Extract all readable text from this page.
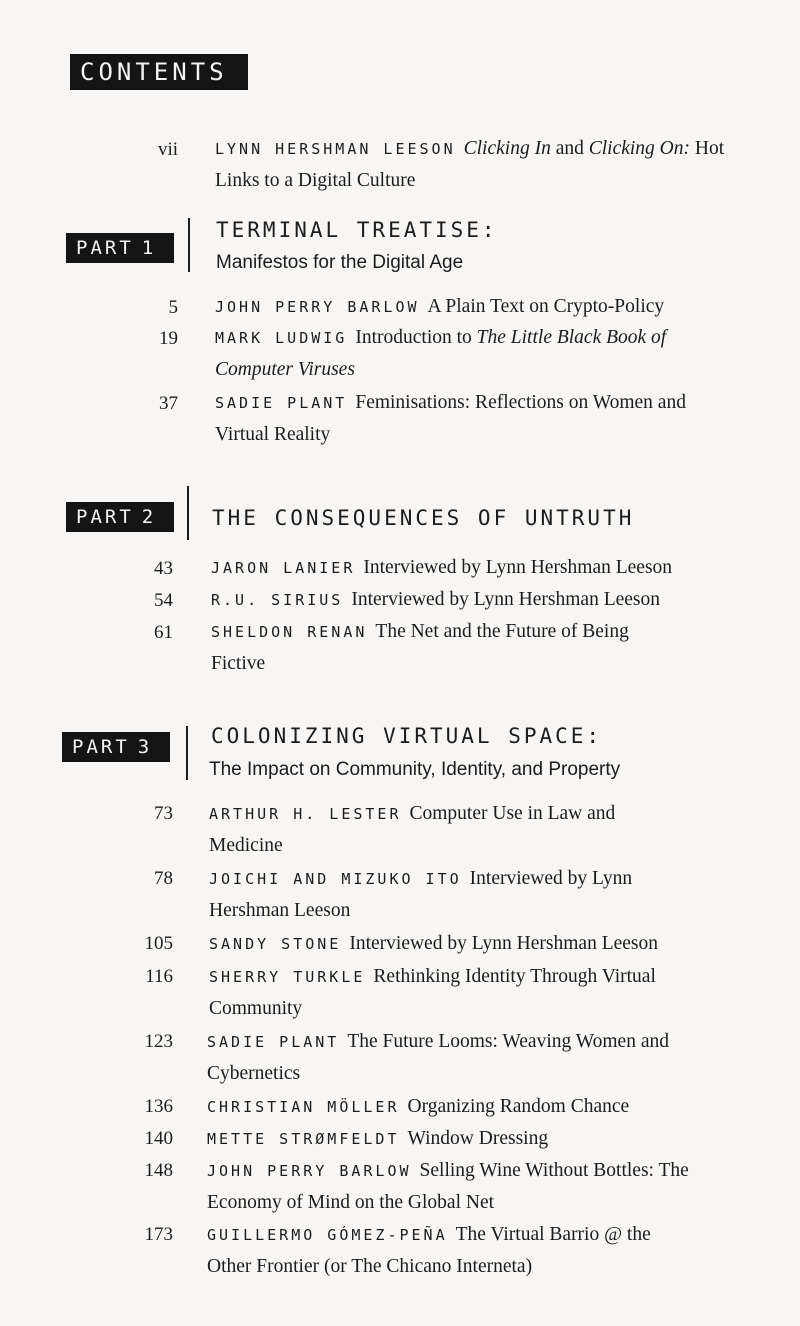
CONTENTS
vii LYNN HERSHMAN LEESON Clicking In and Clicking On: Hot Links to a Digital Culture
PART 1
TERMINAL TREATISE:
Manifestos for the Digital Age
5 JOHN PERRY BARLOW A Plain Text on Crypto-Policy
19 MARK LUDWIG Introduction to The Little Black Book of Computer Viruses
37 SADIE PLANT Feminisations: Reflections on Women and Virtual Reality
PART 2	THE CONSEQUENCES OF UNTRUTH
43	JARON LANIER Interviewed by Lynn Hershman Leeson
54	R.U. SIRIUS Interviewed by Lynn Hershman Leeson
61	SHELDON RENAN The Net and the Future of Being Fictive
PART 3	COLONIZING VIRTUAL SPACE:
The Impact on Community, Identity, and Property
73 ARTHUR H. LESTER Computer Use in Law and Medicine
78 JOICHI AND MIZUKO ITO Interviewed by Lynn Hershman Leeson
105 SANDY STONE Interviewed by Lynn Hershman Leeson
116 SHERRY TURKLE Rethinking Identity Through Virtual Community
123 SADIE PLANT The Future Looms: Weaving Women and Cybernetics
136 CHRISTIAN MÖLLER Organizing Random Chance
140 METTE STRØMFELDT Window Dressing
148 JOHN PERRY BARLOW Selling Wine Without Bottles: The Economy of Mind on the Global Net
173 GUILLERMO GÓMEZ-PEÑA The Virtual Barrio @ the Other Frontier (or The Chicano Interneta)
